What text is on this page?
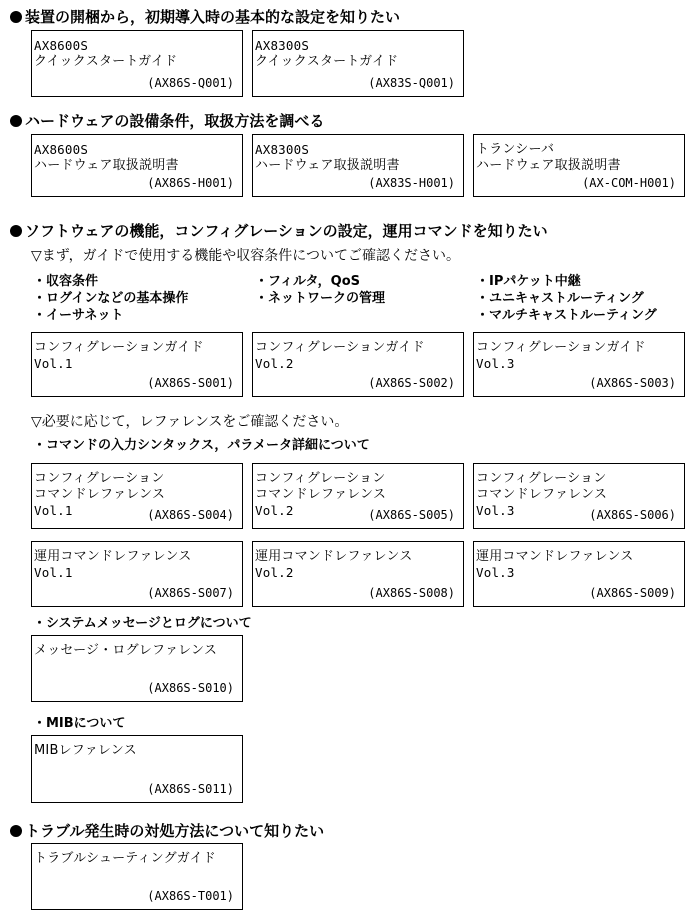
装置の開梱から，初期導入時の基本的な設定を知りたい
AX8600S
クイックスタートガイド
(AX86S-Q001)
AX8300S
クイックスタートガイド
(AX83S-Q001)
ハードウェアの設備条件，取扱方法を調べる
AX8600S
ハードウェア取扱説明書
(AX86S-H001)
AX8300S
ハードウェア取扱説明書
(AX83S-H001)
トランシーバ
ハードウェア取扱説明書
(AX-COM-H001)
ソフトウェアの機能，コンフィグレーションの設定，運用コマンドを知りたい
▽まず，ガイドで使用する機能や収容条件についてご確認ください。
・収容条件
・ログインなどの基本操作
・イーサネット
・フィルタ，QoS
・ネットワークの管理
・IPパケット中継
・ユニキャストルーティング
・マルチキャストルーティング
コンフィグレーションガイド
Vol.1
(AX86S-S001)
コンフィグレーションガイド
Vol.2
(AX86S-S002)
コンフィグレーションガイド
Vol.3
(AX86S-S003)
▽必要に応じて，レファレンスをご確認ください。
・コマンドの入力シンタックス，パラメータ詳細について
コンフィグレーション
コマンドレファレンス
Vol.1	(AX86S-S004)
コンフィグレーション
コマンドレファレンス
Vol.2	(AX86S-S005)
コンフィグレーション
コマンドレファレンス
Vol.3	(AX86S-S006)
運用コマンドレファレンス
Vol.1
(AX86S-S007)
運用コマンドレファレンス
Vol.2
(AX86S-S008)
運用コマンドレファレンス
Vol.3
(AX86S-S009)
・システムメッセージとログについて
メッセージ・ログレファレンス
(AX86S-S010)
・MIBについて
MIBレファレンス
(AX86S-S011)
トラブル発生時の対処方法について知りたい
トラブルシューティングガイド
(AX86S-T001)
